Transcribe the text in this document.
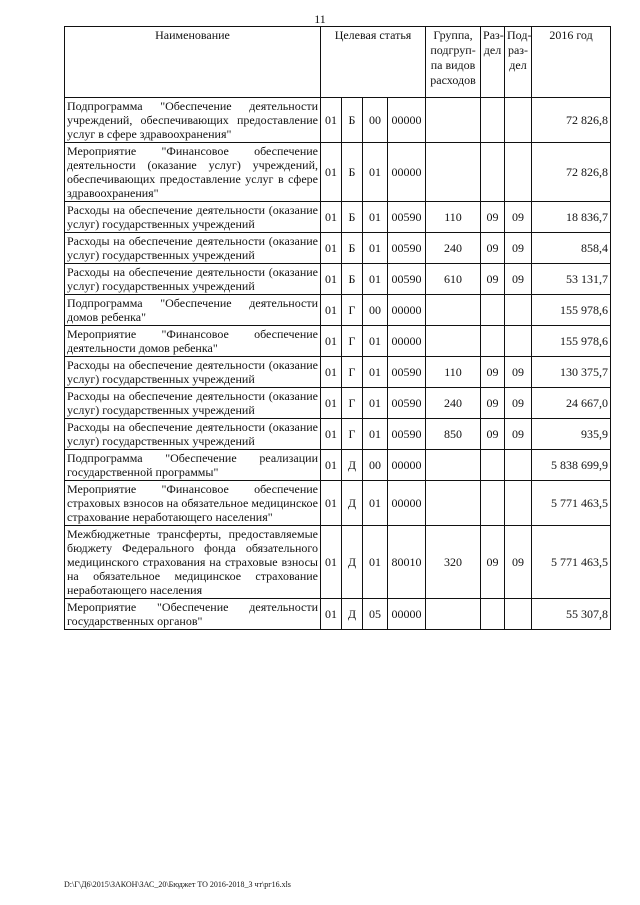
11
Наименование	Целевая статья				Группа, подгруп-па видов расходов	Раз-дел	Под-раз-дел	2016 год
Подпрограмма "Обеспечение деятельности учреждений, обеспечивающих предоставление услуг в сфере здравоохранения"	01	Б	00	00000				72 826,8
Мероприятие "Финансовое обеспечение деятельности (оказание услуг) учреждений, обеспечивающих предоставление услуг в сфере здравоохранения"	01	Б	01	00000				72 826,8
Расходы на обеспечение деятельности (оказание услуг) государственных учреждений	01	Б	01	00590	110	09	09	18 836,7
Расходы на обеспечение деятельности (оказание услуг) государственных учреждений	01	Б	01	00590	240	09	09	858,4
Расходы на обеспечение деятельности (оказание услуг) государственных учреждений	01	Б	01	00590	610	09	09	53 131,7
Подпрограмма "Обеспечение деятельности домов ребенка"	01	Г	00	00000				155 978,6
Мероприятие "Финансовое обеспечение деятельности домов ребенка"	01	Г	01	00000				155 978,6
Расходы на обеспечение деятельности (оказание услуг) государственных учреждений	01	Г	01	00590	110	09	09	130 375,7
Расходы на обеспечение деятельности (оказание услуг) государственных учреждений	01	Г	01	00590	240	09	09	24 667,0
Расходы на обеспечение деятельности (оказание услуг) государственных учреждений	01	Г	01	00590	850	09	09	935,9
Подпрограмма "Обеспечение реализации государственной программы"	01	Д	00	00000				5 838 699,9
Мероприятие "Финансовое обеспечение страховых взносов на обязательное медицинское страхование неработающего населения"	01	Д	01	00000				5 771 463,5
Межбюджетные трансферты, предоставляемые бюджету Федерального фонда обязательного медицинского страхования на страховые взносы на обязательное медицинское страхование неработающего населения	01	Д	01	80010	320	09	09	5 771 463,5
Мероприятие "Обеспечение деятельности государственных органов"	01	Д	05	00000				55 307,8
D:\Г\Д6\2015\ЗАКОН\ЗАС_20\Бюджет ТО 2016-2018_3 чт\рг16.xls
